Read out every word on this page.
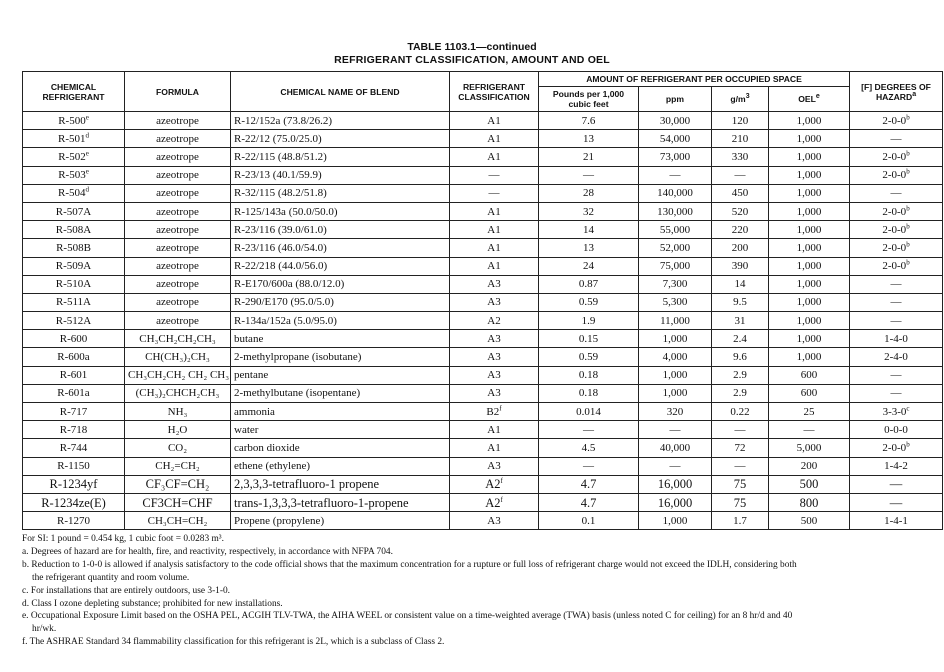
TABLE 1103.1—continued
REFRIGERANT CLASSIFICATION, AMOUNT AND OEL
CHEMICAL REFRIGERANT	FORMULA	CHEMICAL NAME OF BLEND	REFRIGERANT CLASSIFICATION	AMOUNT OF REFRIGERANT PER OCCUPIED SPACE				[F] DEGREES OF HAZARD$^a$
				Pounds per 1,000 cubic feet	ppm	$g/m^3$	OEL$^e$
R-500e	azeotrope	R-12/152a (73.8/26.2)	A1	7.6	30,000	120	1,000	2-0-0$^b$
R-501$^d$	azeotrope	R-22/12 (75.0/25.0)	A1	13	54,000	210	1,000	—
R-502e	azeotrope	R-22/115 (48.8/51.2)	A1	21	73,000	330	1,000	2-0-0$^b$
R-503e	azeotrope	R-23/13 (40.1/59.9)	—	—	—	—	1,000	2-0-0$^b$
R-504$^d$	azeotrope	R-32/115 (48.2/51.8)	—	28	140,000	450	1,000	—
R-507A	azeotrope	R-125/143a (50.0/50.0)	A1	32	130,000	520	1,000	2-0-0$^b$
R-508A	azeotrope	R-23/116 (39.0/61.0)	A1	14	55,000	220	1,000	2-0-0$^b$
R-508B	azeotrope	R-23/116 (46.0/54.0)	A1	13	52,000	200	1,000	2-0-0$^b$
R-509A	azeotrope	R-22/218 (44.0/56.0)	A1	24	75,000	390	1,000	2-0-0$^b$
R-510A	azeotrope	R-E170/600a (88.0/12.0)	A3	0.87	7,300	14	1,000	—
R-511A	azeotrope	R-290/E170 (95.0/5.0)	A3	0.59	5,300	9.5	1,000	—
R-512A	azeotrope	R-134a/152a (5.0/95.0)	A2	1.9	11,000	31	1,000	—
R-600	CH₃CH₂CH₂CH₃	butane	A3	0.15	1,000	2.4	1,000	1-4-0
R-600a	CH(CH₃)₂CH₃	2-methylpropane (isobutane)	A3	0.59	4,000	9.6	1,000	2-4-0
R-601	CH₃CH₂CH₂ CH₂ CH₃	pentane	A3	0.18	1,000	2.9	600	—
R-601a	(CH₃)₂CHCH₂CH₃	2-methylbutane (isopentane)	A3	0.18	1,000	2.9	600	—
R-717	NH₃	ammonia	B2$^f$	0.014	320	0.22	25	3-3-0$^c$
R-718	H₂O	water	A1	—	—	—	—	0-0-0
R-744	CO₂	carbon dioxide	A1	4.5	40,000	72	5,000	2-0-0$^b$
R-1150	CH₂=CH₂	ethene (ethylene)	A3	—	—	—	200	1-4-2
R-1234yf	CF₃CF=CH₂	2,3,3,3-tetrafluoro-1 propene	A2$^f$	4.7	16,000	75	500	—
R-1234ze(E)	CF3CH=CHF	trans-1,3,3,3-tetrafluoro-1-propene	A2$^f$	4.7	16,000	75	800	—
R-1270	CH₃CH=CH₂	Propene (propylene)	A3	0.1	1,000	1.7	500	1-4-1

For SI: 1 pound = 0.454 kg, 1 cubic foot = 0.0283 m³.

a. Degrees of hazard are for health, fire, and reactivity, respectively, in accordance with NFPA 704.

b. Reduction to 1-0-0 is allowed if analysis satisfactory to the code official shows that the maximum concentration for a rupture or full loss of refrigerant charge would not exceed the IDLH, considering both

the refrigerant quantity and room volume.

c. For installations that are entirely outdoors, use 3-1-0.

d. Class I ozone depleting substance; prohibited for new installations.

e. Occupational Exposure Limit based on the OSHA PEL, ACGIH TLV-TWA, the AIHA WEEL or consistent value on a time-weighted average (TWA) basis (unless noted C for ceiling) for an 8 hr/d and 40

hr/wk.

f. The ASHRAE Standard 34 flammability classification for this refrigerant is 2L, which is a subclass of Class 2.
